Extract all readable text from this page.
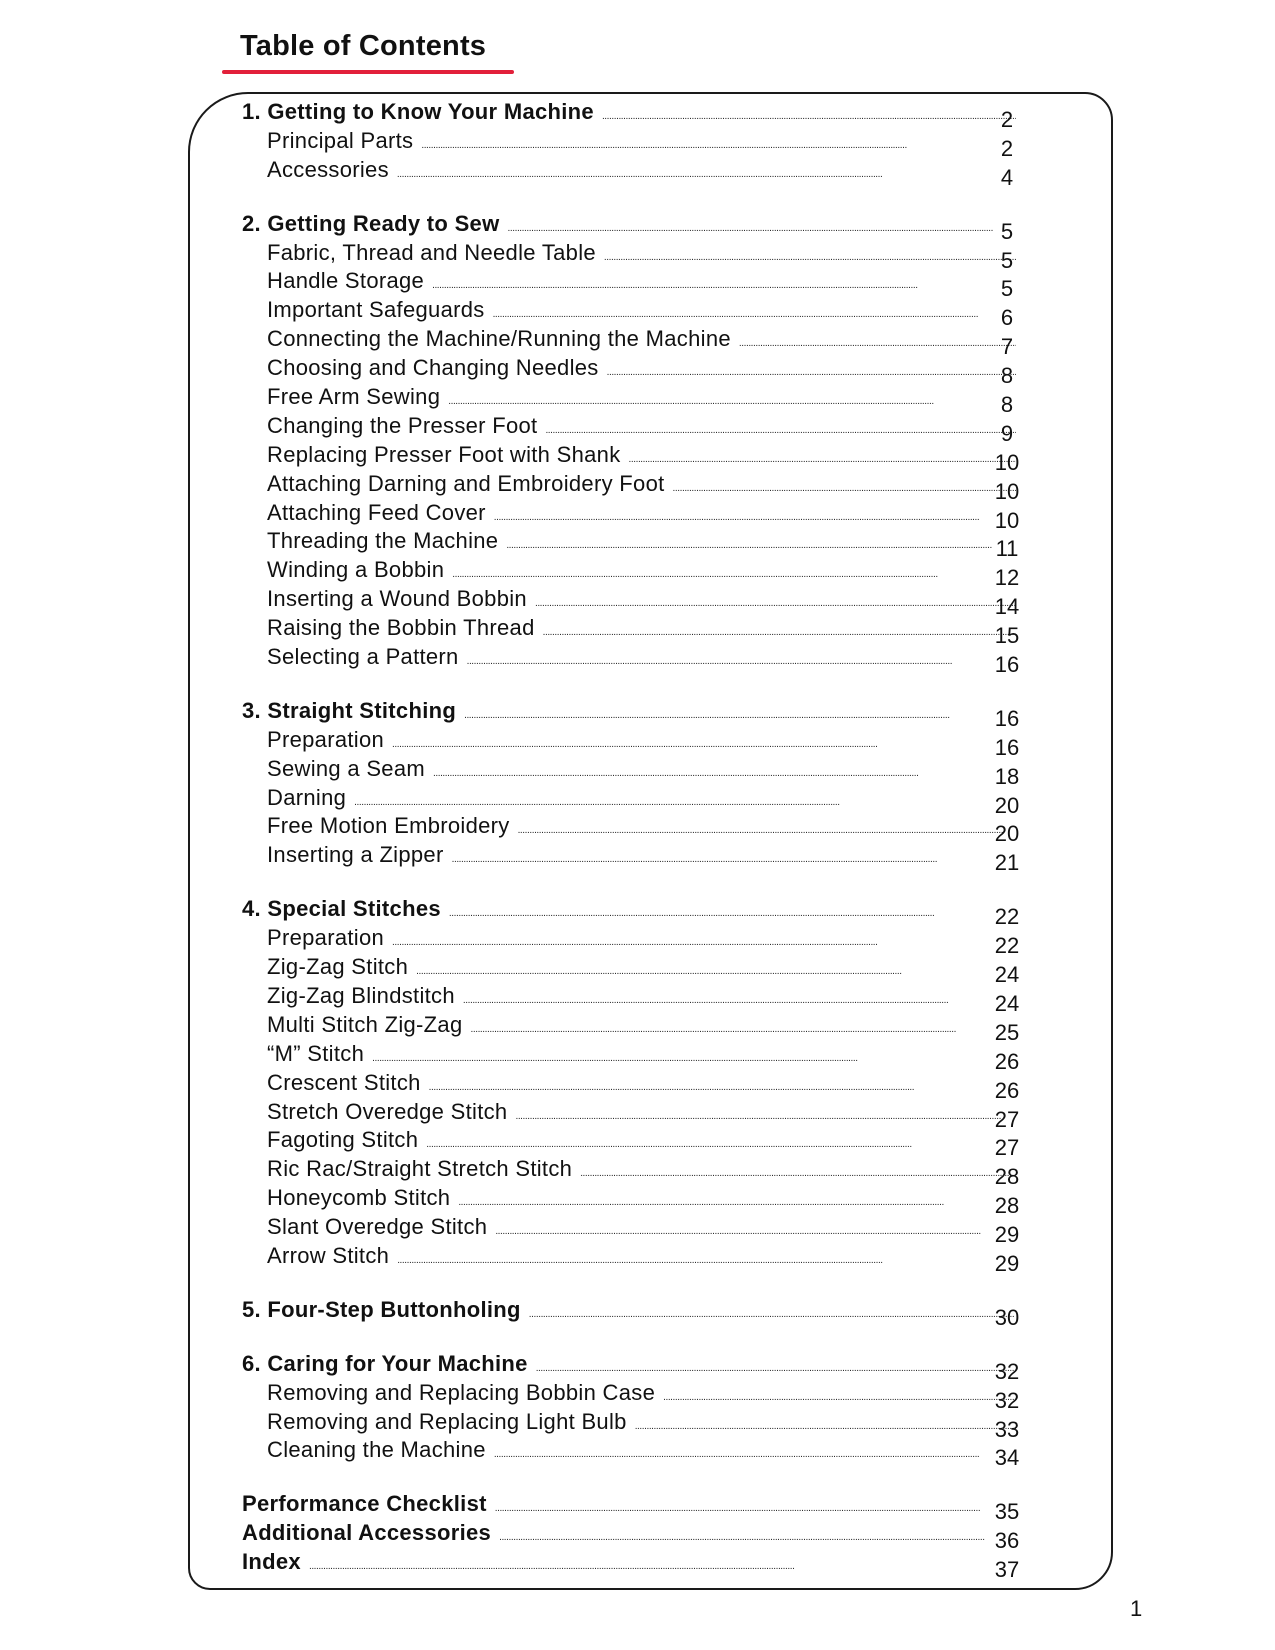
Table of Contents
1. Getting to Know Your Machine . . .	2
Principal Parts . . .	2
Accessories . . .	4
2. Getting Ready to Sew . . .	5
Fabric, Thread and Needle Table . . .	5
Handle Storage . . .	5
Important Safeguards . . .	6
Connecting the Machine/Running the Machine . . .	7
Choosing and Changing Needles . . .	8
Free Arm Sewing . . .	8
Changing the Presser Foot . . .	9
Replacing Presser Foot with Shank . . .	10
Attaching Darning and Embroidery Foot . . .	10
Attaching Feed Cover . . .	10
Threading the Machine . . .	11
Winding a Bobbin . . .	12
Inserting a Wound Bobbin . . .	14
Raising the Bobbin Thread . . .	15
Selecting a Pattern . . .	16
3. Straight Stitching . . .	16
Preparation . . .	16
Sewing a Seam . . .	18
Darning . . .	20
Free Motion Embroidery . . .	20
Inserting a Zipper . . .	21
4. Special Stitches . . .	22
Preparation . . .	22
Zig-Zag Stitch . . .	24
Zig-Zag Blindstitch . . .	24
Multi Stitch Zig-Zag . . .	25
“M” Stitch . . .	26
Crescent Stitch . . .	26
Stretch Overedge Stitch . . .	27
Fagoting Stitch . . .	27
Ric Rac/Straight Stretch Stitch . . .	28
Honeycomb Stitch . . .	28
Slant Overedge Stitch . . .	29
Arrow Stitch . . .	29
5. Four-Step Buttonholing . . .	30
6. Caring for Your Machine . . .	32
Removing and Replacing Bobbin Case . . .	32
Removing and Replacing Light Bulb . . .	33
Cleaning the Machine . . .	34
Performance Checklist . . .	35
Additional Accessories . . .	36
Index . . .	37
1
